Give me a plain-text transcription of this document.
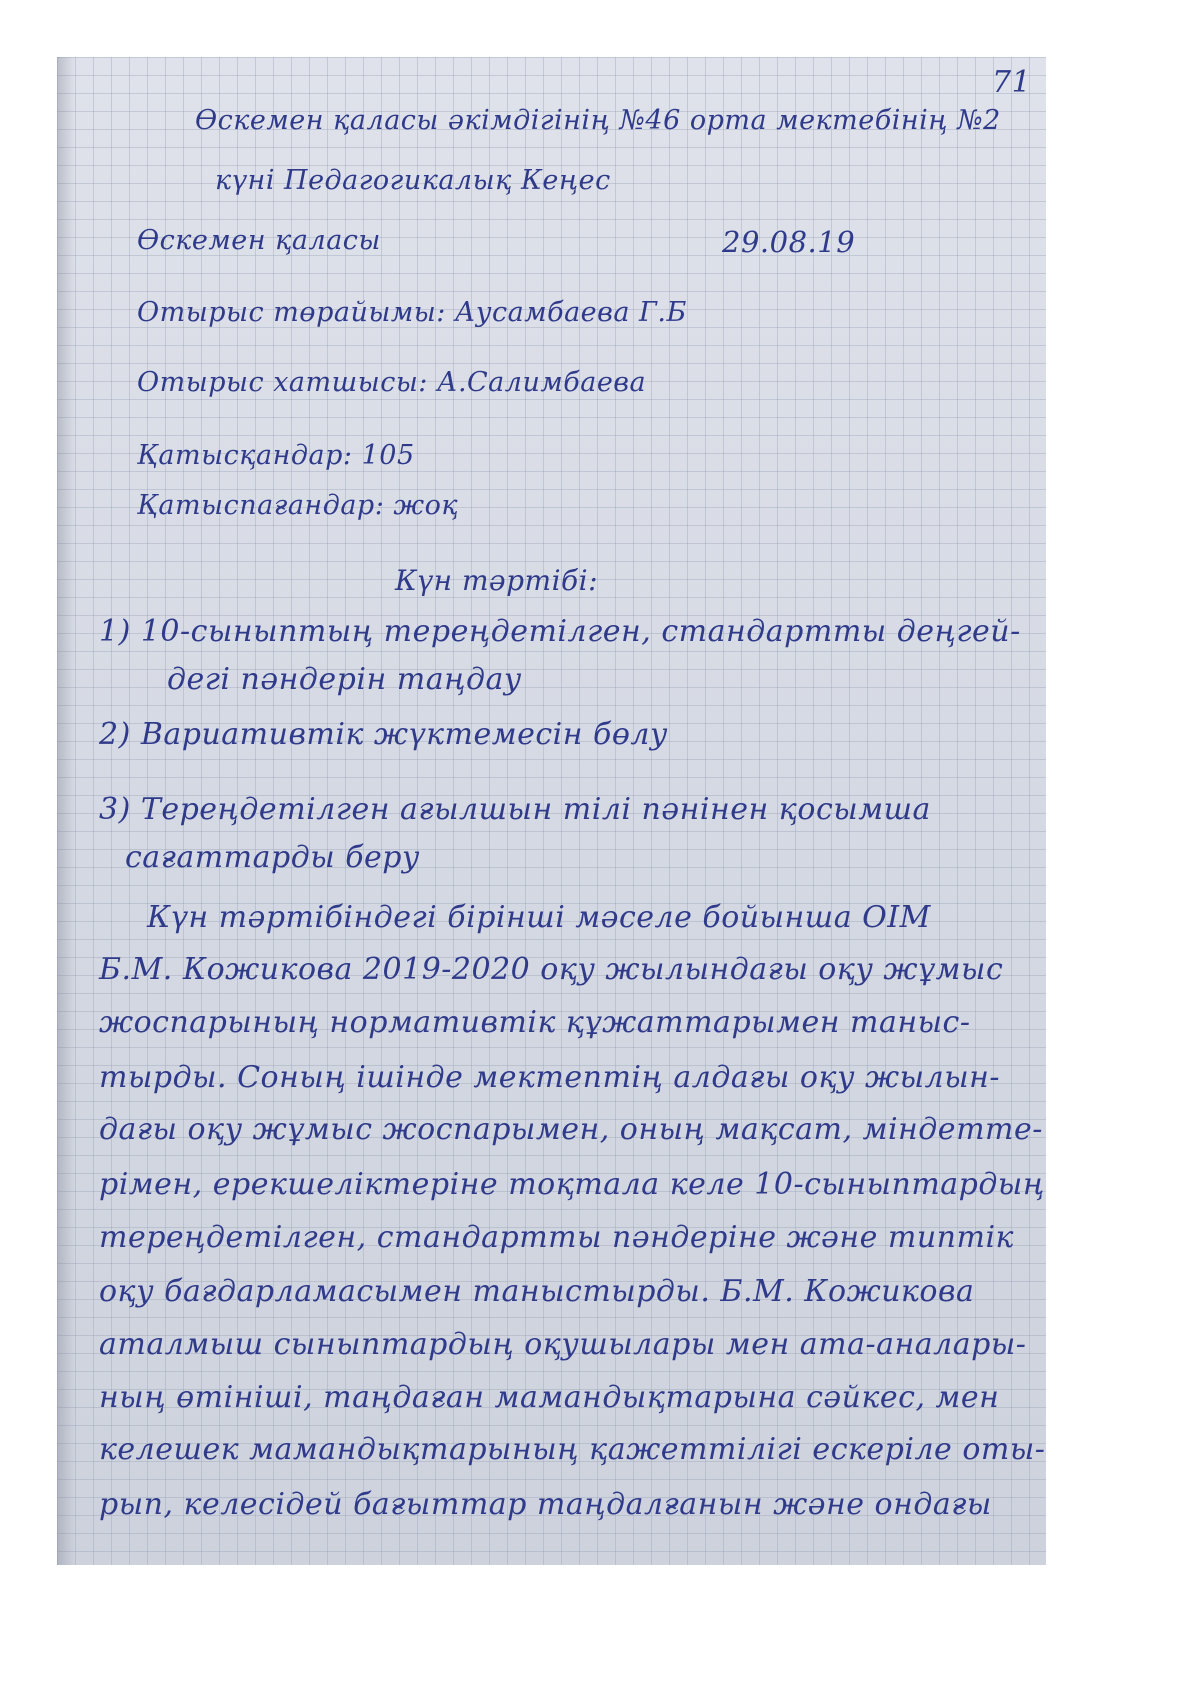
71

Өскемен қаласы әкімдігінің №46 орта мектебінің №2

күні Педагогикалық Кеңес

Өскемен қаласы	29.08.19

Отырыс төрайымы: Аусамбаева Г.Б

Отырыс хатшысы: А.Салимбаева

Қатысқандар: 105

Қатыспағандар: жоқ

Күн тәртібі:

1) 10-сыныптың тереңдетілген, стандартты деңгей-

дегі пәндерін таңдау

2) Вариативтік жүктемесін бөлу

3) Тереңдетілген ағылшын тілі пәнінен қосымша

сағаттарды беру

Күн тәртібіндегі бірінші мәселе бойынша ОІМ

Б.М. Кожикова 2019-2020 оқу жылындағы оқу жұмыс

жоспарының нормативтік құжаттарымен таныс-

тырды. Соның ішінде мектептің алдағы оқу жылын-

дағы оқу жұмыс жоспарымен, оның мақсат, міндетте-

рімен, ерекшеліктеріне тоқтала келе 10-сыныптардың

тереңдетілген, стандартты пәндеріне және типтік

оқу бағдарламасымен таныстырды. Б.М. Кожикова

аталмыш сыныптардың оқушылары мен ата-аналары-

ның өтініші, таңдаған мамандықтарына сәйкес, мен

келешек мамандықтарының қажеттілігі ескеріле оты-

рып, келесідей бағыттар таңдалғанын және ондағы
